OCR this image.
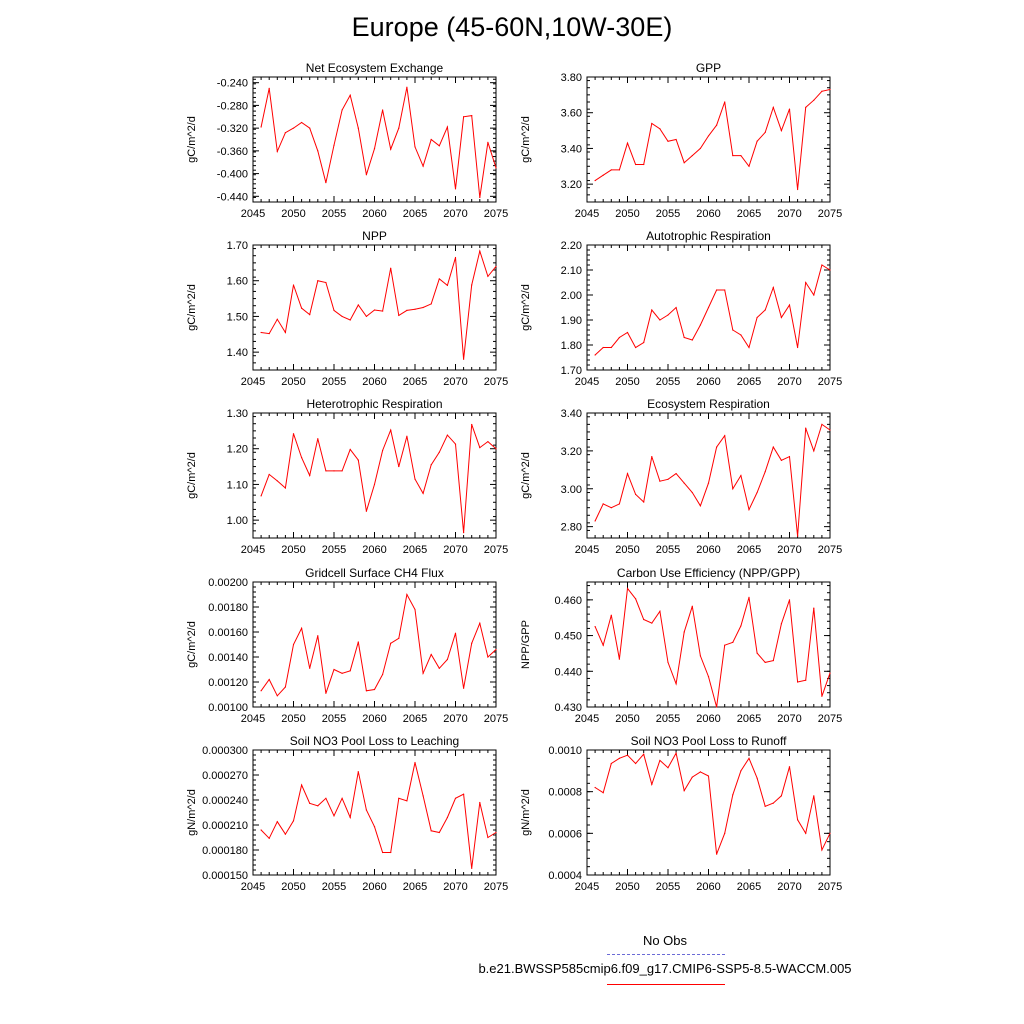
Europe (45-60N,10W-30E)
Net Ecosystem Exchange
2045 2050 2055 2060 2065 2070 2075
-0.440
-0.400
-0.360
-0.320
-0.280
-0.240
gC/m^2/d
GPP
2045 2050 2055 2060 2065 2070 2075
3.20
3.40
3.60
3.80
gC/m^2/d
NPP
2045 2050 2055 2060 2065 2070 2075
1.40
1.50
1.60
1.70
gC/m^2/d
Autotrophic Respiration
2045 2050 2055 2060 2065 2070 2075
1.70
1.80
1.90
2.00
2.10
2.20
gC/m^2/d
Heterotrophic Respiration
2045 2050 2055 2060 2065 2070 2075
1.00
1.10
1.20
1.30
gC/m^2/d
Ecosystem Respiration
2045 2050 2055 2060 2065 2070 2075
2.80
3.00
3.20
3.40
gC/m^2/d
Gridcell Surface CH4 Flux
2045 2050 2055 2060 2065 2070 2075
0.00100
0.00120
0.00140
0.00160
0.00180
0.00200
gC/m^2/d
Carbon Use Efficiency (NPP/GPP)
2045 2050 2055 2060 2065 2070 2075
0.430
0.440
0.450
0.460
NPP/GPP
Soil NO3 Pool Loss to Leaching
2045 2050 2055 2060 2065 2070 2075
0.000150
0.000180
0.000210
0.000240
0.000270
0.000300
gN/m^2/d
Soil NO3 Pool Loss to Runoff
2045 2050 2055 2060 2065 2070 2075
0.0004
0.0006
0.0008
0.0010
gN/m^2/d
No Obs
b.e21.BWSSP585cmip6.f09_g17.CMIP6-SSP5-8.5-WACCM.005
